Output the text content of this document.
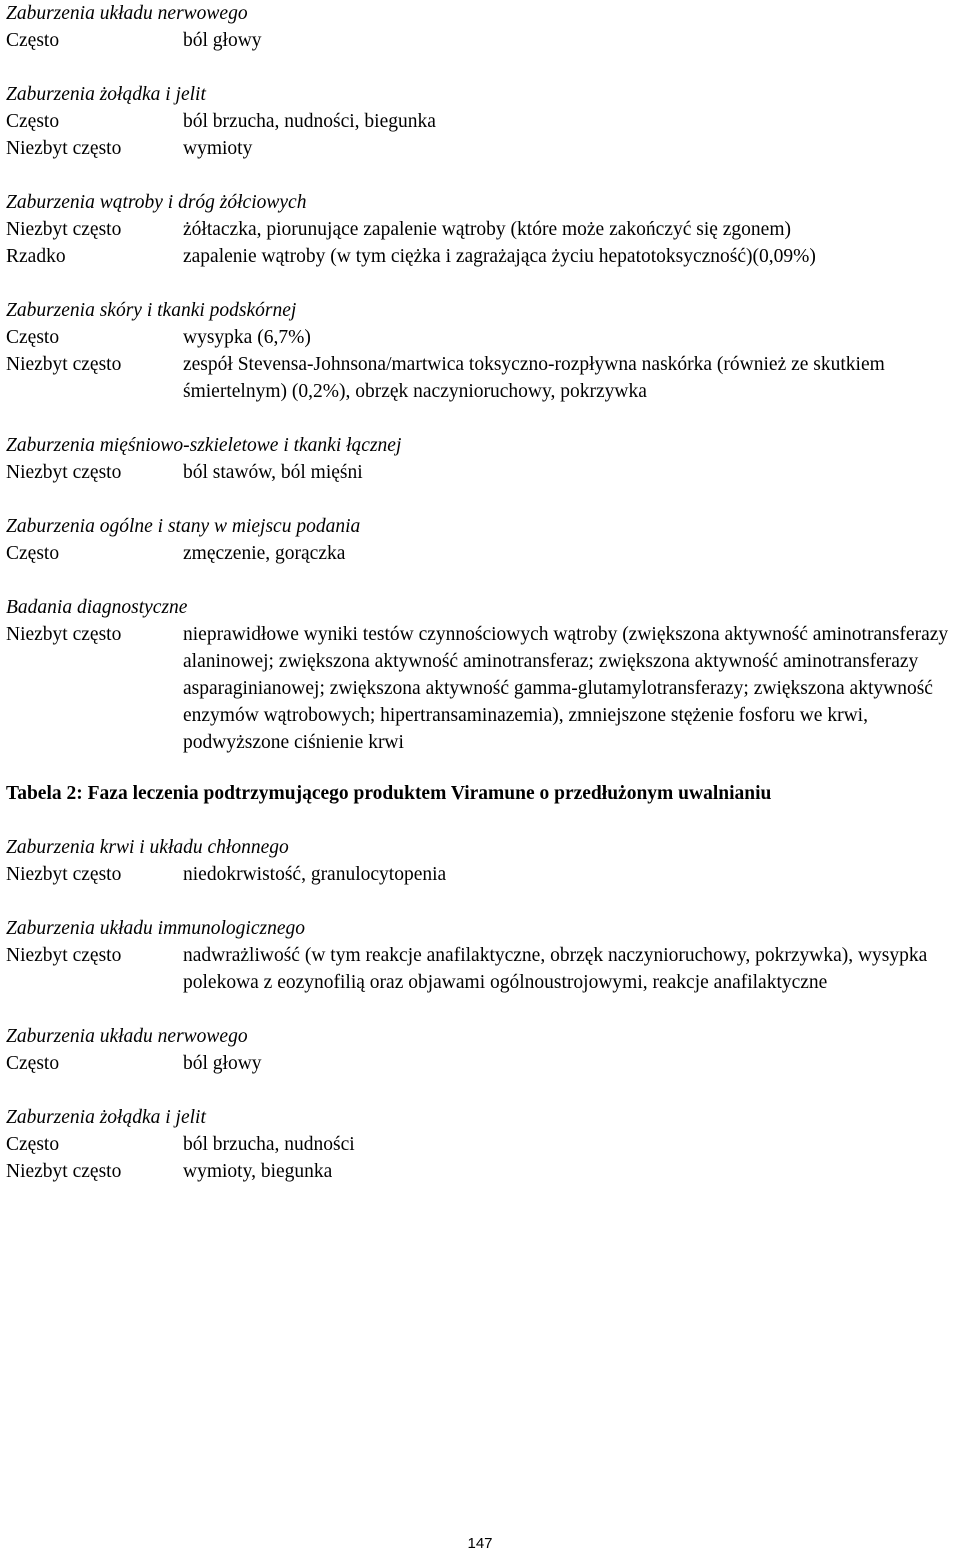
Zaburzenia układu nerwowego
Często	ból głowy
Zaburzenia żołądka i jelit
Często	ból brzucha, nudności, biegunka
Niezbyt często	wymioty
Zaburzenia wątroby i dróg żółciowych
Niezbyt często	żółtaczka, piorunujące zapalenie wątroby (które może zakończyć się zgonem)
Rzadko	zapalenie wątroby (w tym ciężka i zagrażająca życiu hepatotoksyczność)(0,09%)
Zaburzenia skóry i tkanki podskórnej
Często	wysypka (6,7%)
Niezbyt często	zespół Stevensa-Johnsona/martwica toksyczno-rozpływna naskórka (również ze skutkiem śmiertelnym) (0,2%), obrzęk naczynioruchowy, pokrzywka
Zaburzenia mięśniowo-szkieletowe i tkanki łącznej
Niezbyt często	ból stawów, ból mięśni
Zaburzenia ogólne i stany w miejscu podania
Często	zmęczenie, gorączka
Badania diagnostyczne
Niezbyt często	nieprawidłowe wyniki testów czynnościowych wątroby (zwiększona aktywność aminotransferazy alaninowej; zwiększona aktywność aminotransferaz; zwiększona aktywność aminotransferazy asparaginianowej; zwiększona aktywność gamma-glutamylotransferazy; zwiększona aktywność enzymów wątrobowych; hipertransaminazemia), zmniejszone stężenie fosforu we krwi, podwyższone ciśnienie krwi
Tabela 2: Faza leczenia podtrzymującego produktem Viramune o przedłużonym uwalnianiu
Zaburzenia krwi i układu chłonnego
Niezbyt często	niedokrwistość, granulocytopenia
Zaburzenia układu immunologicznego
Niezbyt często	nadwrażliwość (w tym reakcje anafilaktyczne, obrzęk naczynioruchowy, pokrzywka), wysypka polekowa z eozynofilią oraz objawami ogólnoustrojowymi, reakcje anafilaktyczne
Zaburzenia układu nerwowego
Często	ból głowy
Zaburzenia żołądka i jelit
Często	ból brzucha, nudności
Niezbyt często	wymioty, biegunka
147
